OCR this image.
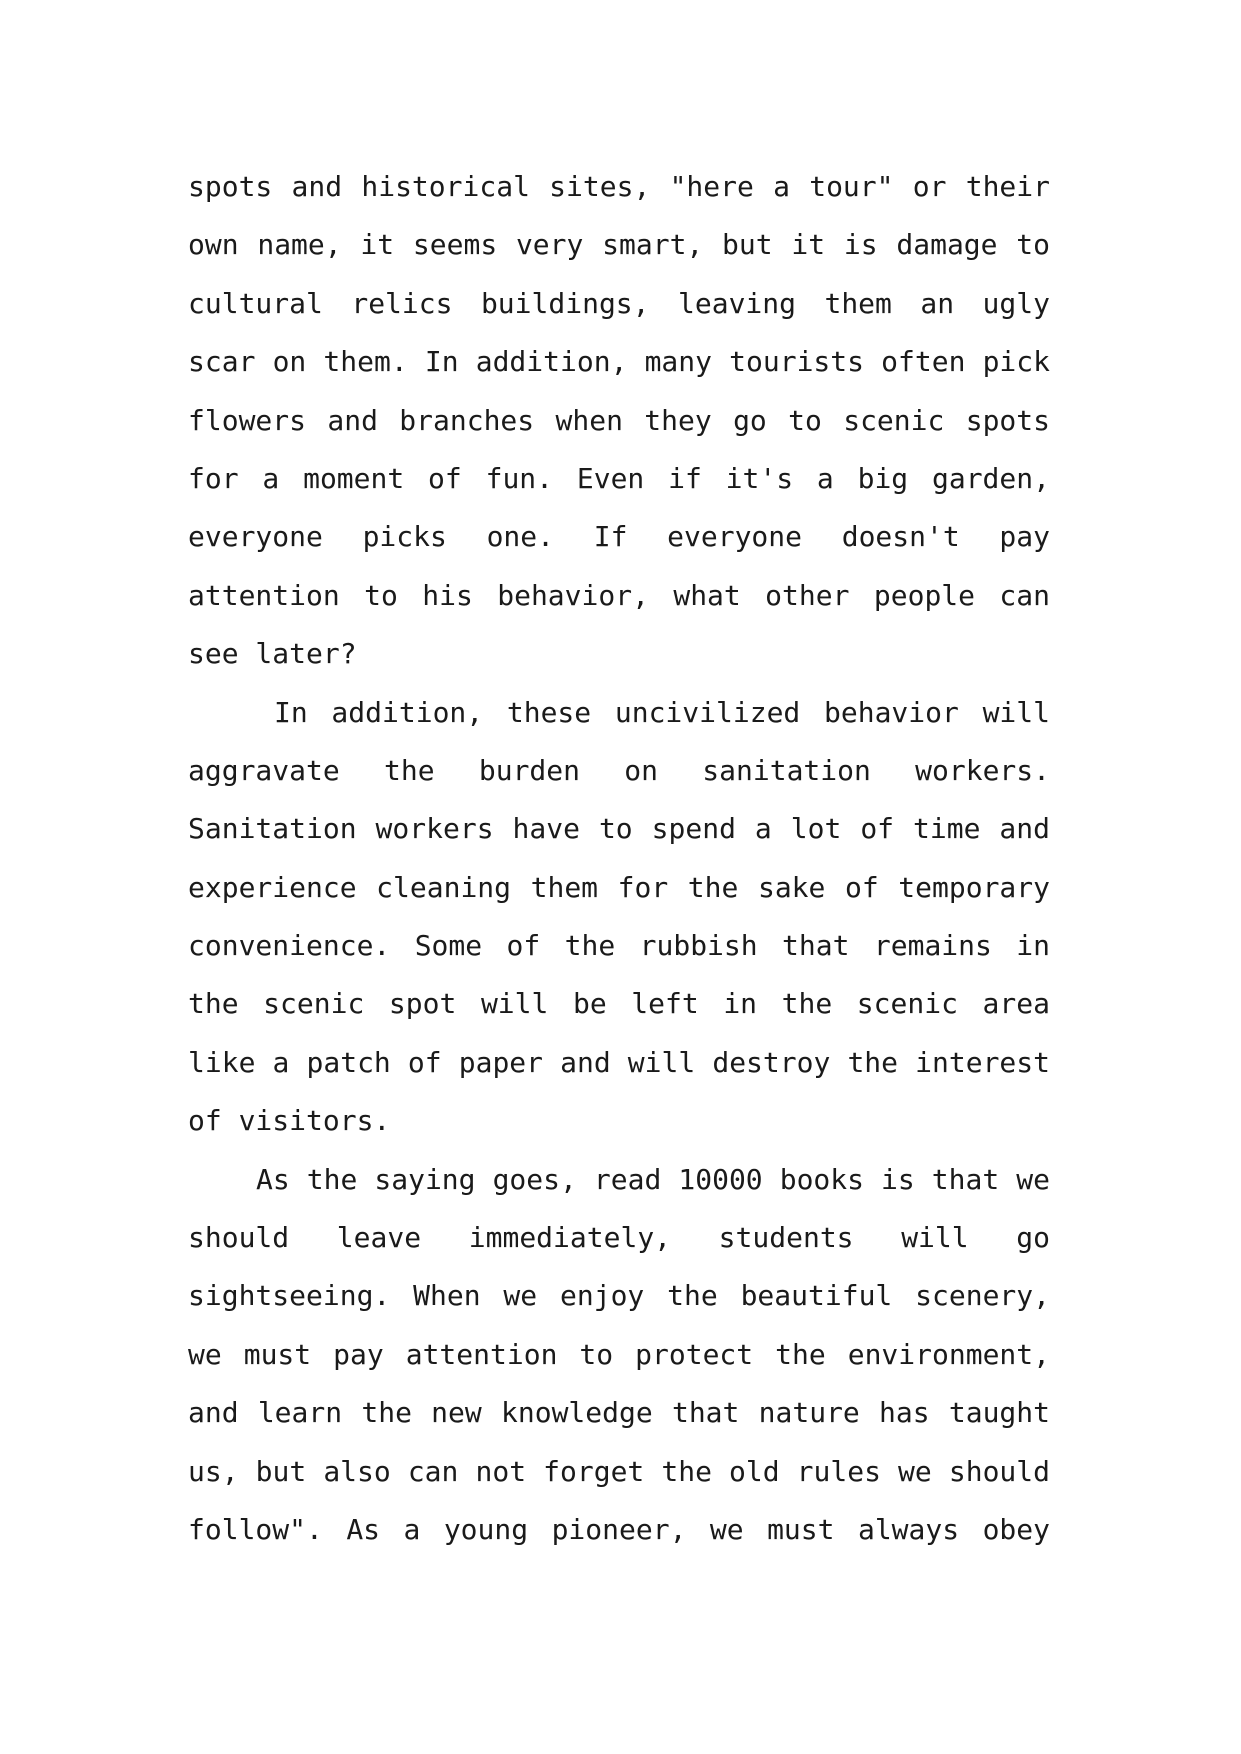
spots and historical sites, "here a tour" or their
own name, it seems very smart, but it is damage to
cultural relics buildings, leaving them an ugly
scar on them. In addition, many tourists often pick
flowers and branches when they go to scenic spots
for a moment of fun. Even if it's a big garden,
everyone picks one. If everyone doesn't pay
attention to his behavior, what other people can
see later?
In addition, these uncivilized behavior will
aggravate the burden on sanitation workers.
Sanitation workers have to spend a lot of time and
experience cleaning them for the sake of temporary
convenience. Some of the rubbish that remains in
the scenic spot will be left in the scenic area
like a patch of paper and will destroy the interest
of visitors.
As the saying goes, read 10000 books is that we
should leave immediately, students will go
sightseeing. When we enjoy the beautiful scenery,
we must pay attention to protect the environment,
and learn the new knowledge that nature has taught
us, but also can not forget the old rules we should
follow". As a young pioneer, we must always obey
